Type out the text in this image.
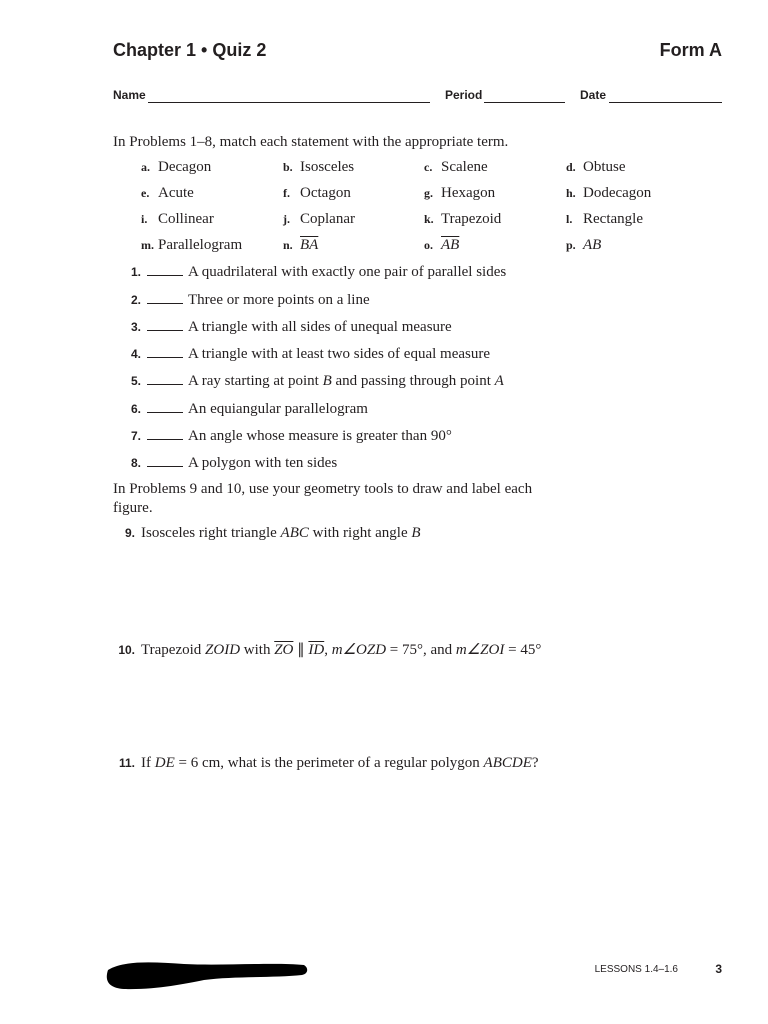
Chapter 1 • Quiz 2	Form A
Name	Period	Date
In Problems 1–8, match each statement with the appropriate term.
a. Decagon	b. Isosceles	c. Scalene	d. Obtuse
e. Acute	f. Octagon	g. Hexagon	h. Dodecagon
i. Collinear	j. Coplanar	k. Trapezoid	l. Rectangle
m. Parallelogram	n. $\overline{BA}$	o. $\overline{AB}$	p. AB
1.	A quadrilateral with exactly one pair of parallel sides
2.	Three or more points on a line
3.	A triangle with all sides of unequal measure
4.	A triangle with at least two sides of equal measure
5.	A ray starting at point B and passing through point A
6.	An equiangular parallelogram
7.	An angle whose measure is greater than 90°
8.	A polygon with ten sides
In Problems 9 and 10, use your geometry tools to draw and label each figure.
9. Isosceles right triangle ABC with right angle B
10. Trapezoid ZOID with $\overline{ZO}$ ∥ $\overline{ID}$, m∠OZD = 75°, and m∠ZOI = 45°
11. If DE = 6 cm, what is the perimeter of a regular polygon ABCDE?
LESSONS 1.4–1.6	3
